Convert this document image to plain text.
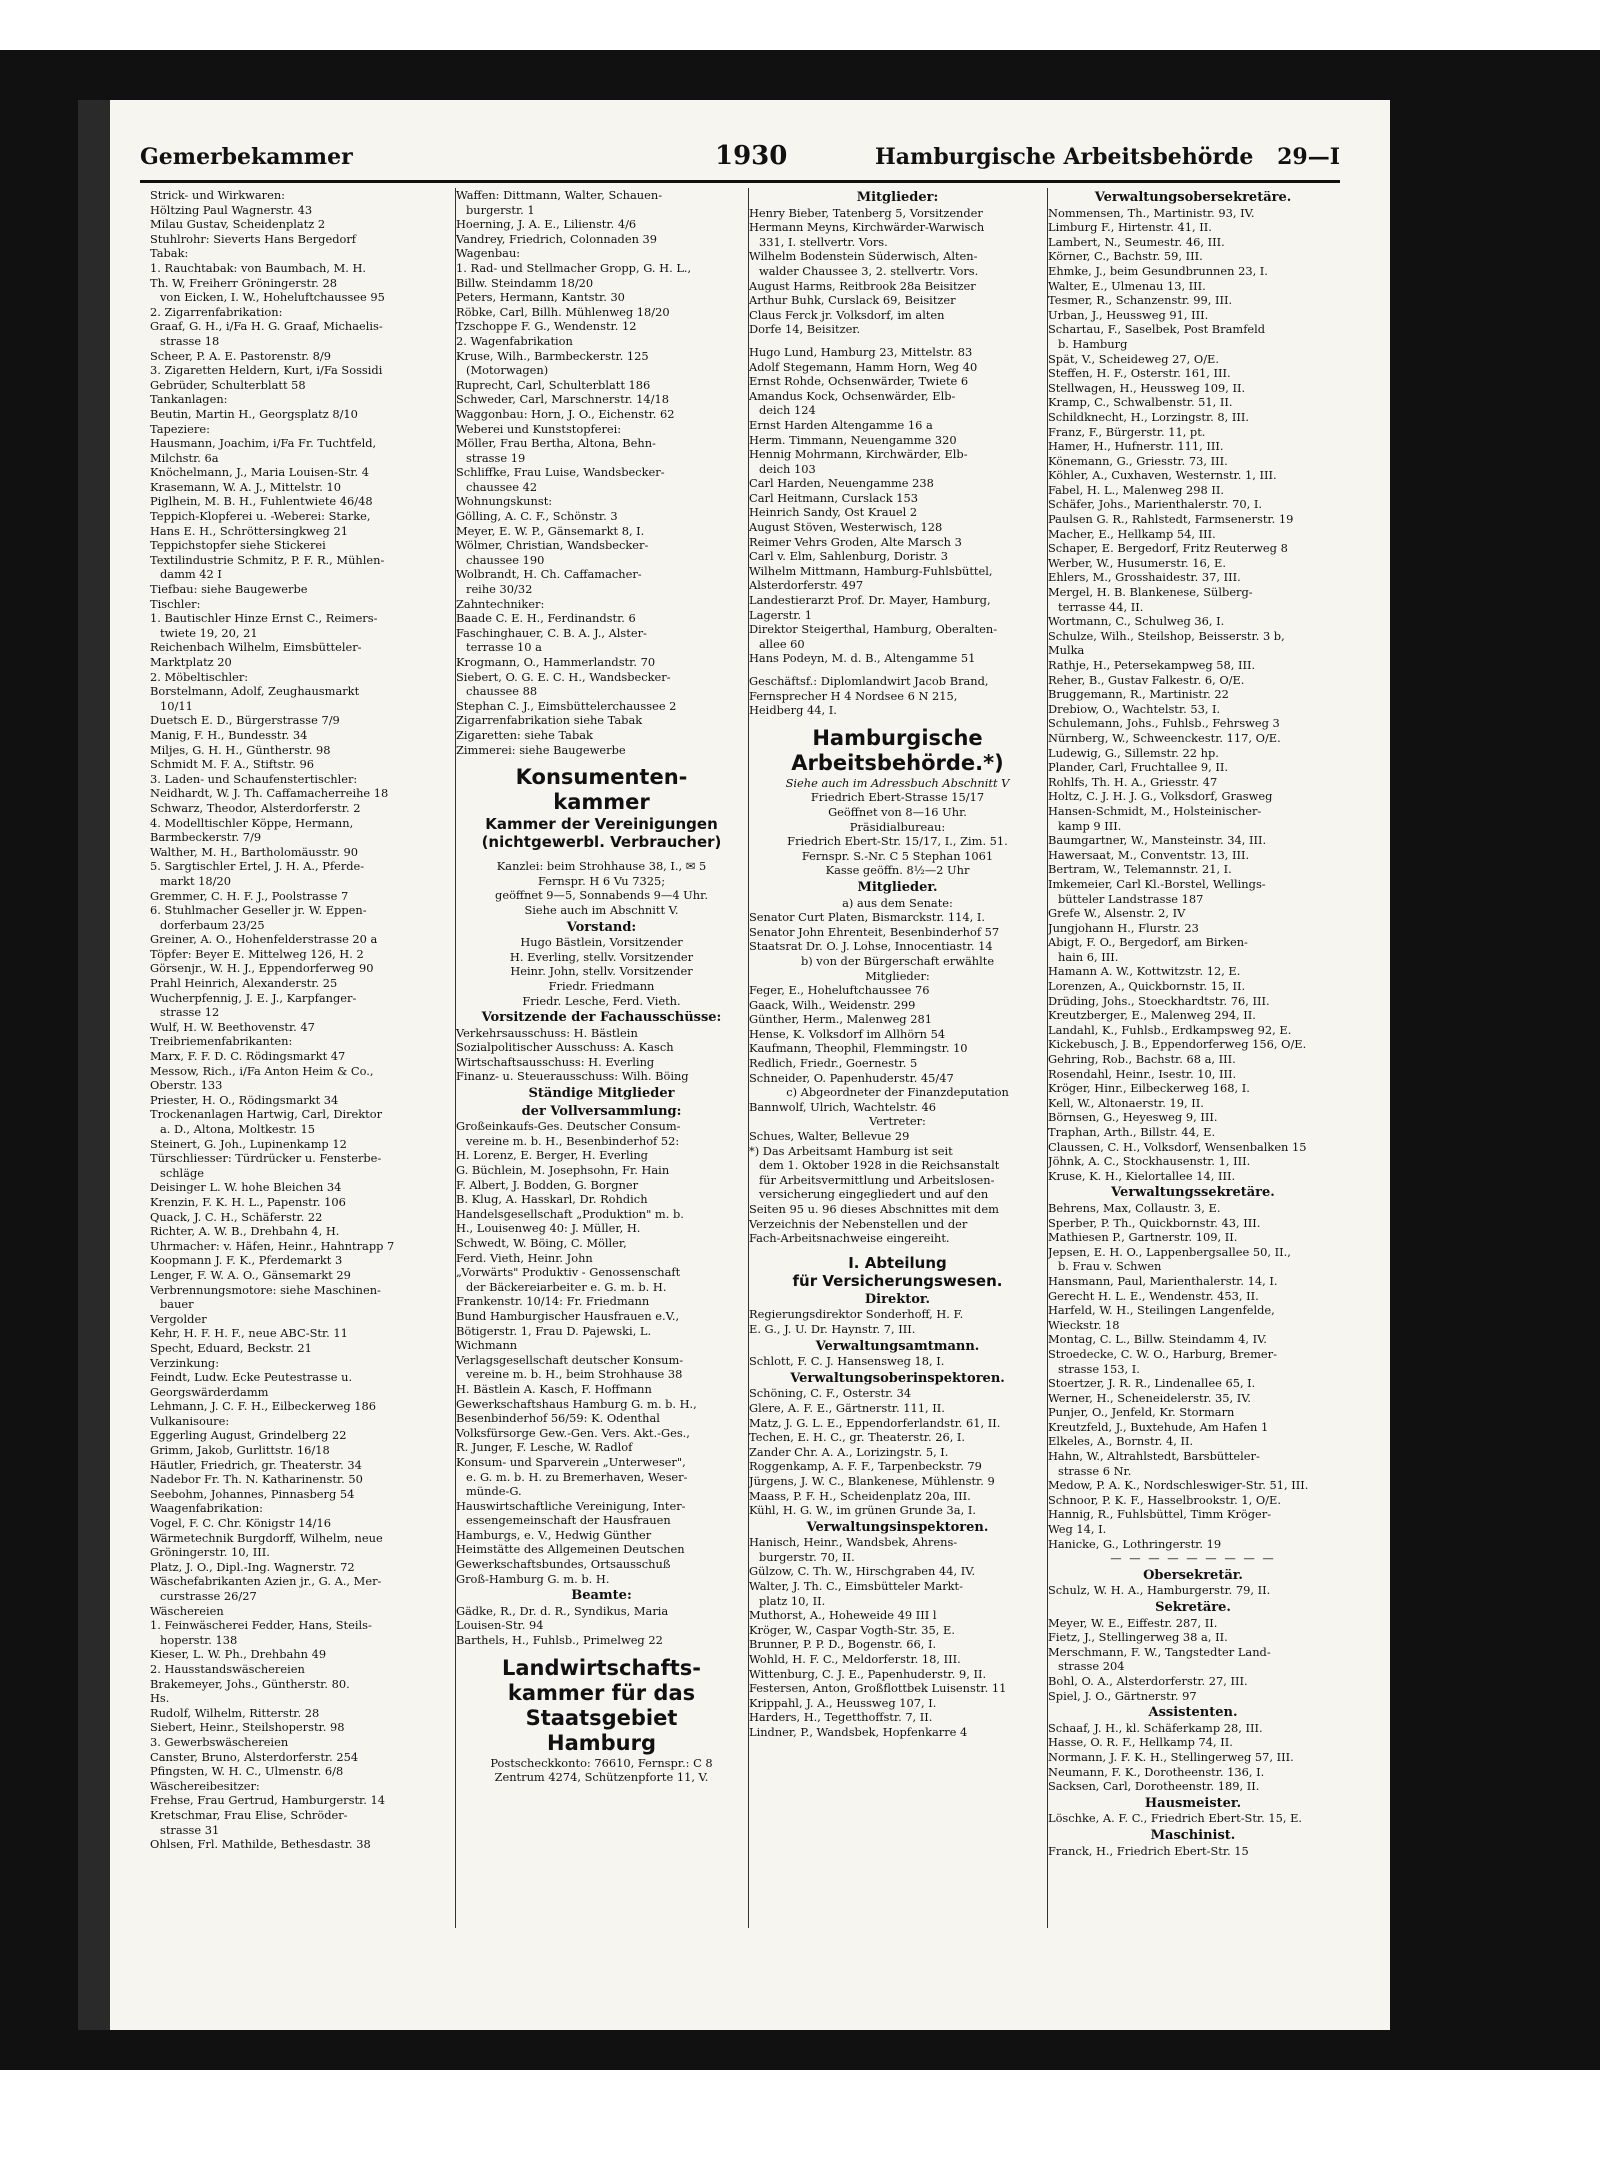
Gemerbekammer	1930	Hamburgische Arbeitsbehörde 29—I
Strick- und Wirkwaren:
Höltzing Paul Wagnerstr. 43
Milau Gustav, Scheidenplatz 2
Stuhlrohr: Sieverts Hans Bergedorf
Tabak:
1. Rauchtabak: von Baumbach, M. H.
Th. W, Freiherr Gröningerstr. 28
von Eicken, I. W., Hoheluftchaussee 95
2. Zigarrenfabrikation:
Graaf, G. H., i/Fa H. G. Graaf, Michaelis-
strasse 18
Scheer, P. A. E. Pastorenstr. 8/9
3. Zigaretten Heldern, Kurt, i/Fa Sossidi
Gebrüder, Schulterblatt 58
Tankanlagen:
Beutin, Martin H., Georgsplatz 8/10
Tapeziere:
Hausmann, Joachim, i/Fa Fr. Tuchtfeld,
Milchstr. 6a
Knöchelmann, J., Maria Louisen-Str. 4
Krasemann, W. A. J., Mittelstr. 10
Piglhein, M. B. H., Fuhlentwiete 46/48
Teppich-Klopferei u. -Weberei: Starke,
Hans E. H., Schröttersingkweg 21
Teppichstopfer siehe Stickerei
Textilindustrie Schmitz, P. F. R., Mühlen-
damm 42 I
Tiefbau: siehe Baugewerbe
Tischler:
1. Bautischler Hinze Ernst C., Reimers-
twiete 19, 20, 21
Reichenbach Wilhelm, Eimsbütteler-
Marktplatz 20
2. Möbeltischler:
Borstelmann, Adolf, Zeughausmarkt
10/11
Duetsch E. D., Bürgerstrasse 7/9
Manig, F. H., Bundesstr. 34
Miljes, G. H. H., Güntherstr. 98
Schmidt M. F. A., Stiftstr. 96
3. Laden- und Schaufenstertischler:
Neidhardt, W. J. Th. Caffamacherreihe 18
Schwarz, Theodor, Alsterdorferstr. 2
4. Modelltischler Köppe, Hermann,
Barmbeckerstr. 7/9
Walther, M. H., Bartholomäusstr. 90
5. Sargtischler Ertel, J. H. A., Pferde-
markt 18/20
Gremmer, C. H. F. J., Poolstrasse 7
6. Stuhlmacher Geseller jr. W. Eppen-
dorferbaum 23/25
Greiner, A. O., Hohenfelderstrasse 20 a
Töpfer: Beyer E. Mittelweg 126, H. 2
Görsenjr., W. H. J., Eppendorferweg 90
Prahl Heinrich, Alexanderstr. 25
Wucherpfennig, J. E. J., Karpfanger-
strasse 12
Wulf, H. W. Beethovenstr. 47
Treibriemenfabrikanten:
Marx, F. F. D. C. Rödingsmarkt 47
Messow, Rich., i/Fa Anton Heim & Co.,
Oberstr. 133
Priester, H. O., Rödingsmarkt 34
Trockenanlagen Hartwig, Carl, Direktor
a. D., Altona, Moltkestr. 15
Steinert, G. Joh., Lupinenkamp 12
Türschliesser: Türdrücker u. Fensterbe-
schläge
Deisinger L. W. hohe Bleichen 34
Krenzin, F. K. H. L., Papenstr. 106
Quack, J. C. H., Schäferstr. 22
Richter, A. W. B., Drehbahn 4, H.
Uhrmacher: v. Häfen, Heinr., Hahntrapp 7
Koopmann J. F. K., Pferdemarkt 3
Lenger, F. W. A. O., Gänsemarkt 29
Verbrennungsmotore: siehe Maschinen-
bauer
Vergolder
Kehr, H. F. H. F., neue ABC-Str. 11
Specht, Eduard, Beckstr. 21
Verzinkung:
Feindt, Ludw. Ecke Peutestrasse u.
Georgswärderdamm
Lehmann, J. C. F. H., Eilbeckerweg 186
Vulkanisoure:
Eggerling August, Grindelberg 22
Grimm, Jakob, Gurlittstr. 16/18
Häutler, Friedrich, gr. Theaterstr. 34
Nadebor Fr. Th. N. Katharinenstr. 50
Seebohm, Johannes, Pinnasberg 54
Waagenfabrikation:
Vogel, F. C. Chr. Königstr 14/16
Wärmetechnik Burgdorff, Wilhelm, neue
Gröningerstr. 10, III.
Platz, J. O., Dipl.-Ing. Wagnerstr. 72
Wäschefabrikanten Azien jr., G. A., Mer-
curstrasse 26/27
Wäschereien
1. Feinwäscherei Fedder, Hans, Steils-
hoperstr. 138
Kieser, L. W. Ph., Drehbahn 49
2. Hausstandswäschereien
Brakemeyer, Johs., Güntherstr. 80.
Hs.
Rudolf, Wilhelm, Ritterstr. 28
Siebert, Heinr., Steilshoperstr. 98
3. Gewerbswäschereien
Canster, Bruno, Alsterdorferstr. 254
Pfingsten, W. H. C., Ulmenstr. 6/8
Wäschereibesitzer:
Frehse, Frau Gertrud, Hamburgerstr. 14
Kretschmar, Frau Elise, Schröder-
strasse 31
Ohlsen, Frl. Mathilde, Bethesdastr. 38
Waffen: Dittmann, Walter, Schauen-
burgerstr. 1
Hoerning, J. A. E., Lilienstr. 4/6
Vandrey, Friedrich, Colonnaden 39
Wagenbau:
1. Rad- und Stellmacher Gropp, G. H. L.,
Billw. Steindamm 18/20
Peters, Hermann, Kantstr. 30
Röbke, Carl, Billh. Mühlenweg 18/20
Tzschoppe F. G., Wendenstr. 12
2. Wagenfabrikation
Kruse, Wilh., Barmbeckerstr. 125
(Motorwagen)
Ruprecht, Carl, Schulterblatt 186
Schweder, Carl, Marschnerstr. 14/18
Waggonbau: Horn, J. O., Eichenstr. 62
Weberei und Kunststopferei:
Möller, Frau Bertha, Altona, Behn-
strasse 19
Schliffke, Frau Luise, Wandsbecker-
chaussee 42
Wohnungskunst:
Gölling, A. C. F., Schönstr. 3
Meyer, E. W. P., Gänsemarkt 8, I.
Wölmer, Christian, Wandsbecker-
chaussee 190
Wolbrandt, H. Ch. Caffamacher-
reihe 30/32
Zahntechniker:
Baade C. E. H., Ferdinandstr. 6
Faschinghauer, C. B. A. J., Alster-
terrasse 10 a
Krogmann, O., Hammerlandstr. 70
Siebert, O. G. E. C. H., Wandsbecker-
chaussee 88
Stephan C. J., Eimsbüttelerchaussee 2
Zigarrenfabrikation siehe Tabak
Zigaretten: siehe Tabak
Zimmerei: siehe Baugewerbe
Konsumenten-
kammer
Kammer der Vereinigungen
(nichtgewerbl. Verbraucher)
Kanzlei: beim Strohhause 38, I., ✉ 5
Fernspr. H 6 Vu 7325;
geöffnet 9—5, Sonnabends 9—4 Uhr.
Siehe auch im Abschnitt V.
Vorstand:
Hugo Bästlein, Vorsitzender
H. Everling, stellv. Vorsitzender
Heinr. John, stellv. Vorsitzender
Friedr. Friedmann
Friedr. Lesche, Ferd. Vieth.
Vorsitzende der Fachausschüsse:
Verkehrsausschuss: H. Bästlein
Sozialpolitischer Ausschuss: A. Kasch
Wirtschaftsausschuss: H. Everling
Finanz- u. Steuerausschuss: Wilh. Böing
Ständige Mitglieder
der Vollversammlung:
Großeinkaufs-Ges. Deutscher Consum-
vereine m. b. H., Besenbinderhof 52:
H. Lorenz, E. Berger, H. Everling
G. Büchlein, M. Josephsohn, Fr. Hain
F. Albert, J. Bodden, G. Borgner
B. Klug, A. Hasskarl, Dr. Rohdich
Handelsgesellschaft „Produktion" m. b.
H., Louisenweg 40: J. Müller, H.
Schwedt, W. Böing, C. Möller,
Ferd. Vieth, Heinr. John
„Vorwärts" Produktiv - Genossenschaft
der Bäckereiarbeiter e. G. m. b. H.
Frankenstr. 10/14: Fr. Friedmann
Bund Hamburgischer Hausfrauen e.V.,
Bötigerstr. 1, Frau D. Pajewski, L.
Wichmann
Verlagsgesellschaft deutscher Konsum-
vereine m. b. H., beim Strohhause 38
H. Bästlein A. Kasch, F. Hoffmann
Gewerkschaftshaus Hamburg G. m. b. H.,
Besenbinderhof 56/59: K. Odenthal
Volksfürsorge Gew.-Gen. Vers. Akt.-Ges.,
R. Junger, F. Lesche, W. Radlof
Konsum- und Sparverein „Unterweser",
e. G. m. b. H. zu Bremerhaven, Weser-
münde-G.
Hauswirtschaftliche Vereinigung, Inter-
essengemeinschaft der Hausfrauen
Hamburgs, e. V., Hedwig Günther
Heimstätte des Allgemeinen Deutschen
Gewerkschaftsbundes, Ortsausschuß
Groß-Hamburg G. m. b. H.
Beamte:
Gädke, R., Dr. d. R., Syndikus, Maria
Louisen-Str. 94
Barthels, H., Fuhlsb., Primelweg 22
Landwirtschafts-
kammer für das
Staatsgebiet
Hamburg
Postscheckkonto: 76610, Fernspr.: C 8
Zentrum 4274, Schützenpforte 11, V.
Mitglieder:
Henry Bieber, Tatenberg 5, Vorsitzender
Hermann Meyns, Kirchwärder-Warwisch
331, I. stellvertr. Vors.
Wilhelm Bodenstein Süderwisch, Alten-
walder Chaussee 3, 2. stellvertr. Vors.
August Harms, Reitbrook 28a Beisitzer
Arthur Buhk, Curslack 69, Beisitzer
Claus Ferck jr. Volksdorf, im alten
Dorfe 14, Beisitzer.
Hugo Lund, Hamburg 23, Mittelstr. 83
Adolf Stegemann, Hamm Horn, Weg 40
Ernst Rohde, Ochsenwärder, Twiete 6
Amandus Kock, Ochsenwärder, Elb-
deich 124
Ernst Harden Altengamme 16 a
Herm. Timmann, Neuengamme 320
Hennig Mohrmann, Kirchwärder, Elb-
deich 103
Carl Harden, Neuengamme 238
Carl Heitmann, Curslack 153
Heinrich Sandy, Ost Krauel 2
August Stöven, Westerwisch, 128
Reimer Vehrs Groden, Alte Marsch 3
Carl v. Elm, Sahlenburg, Doristr. 3
Wilhelm Mittmann, Hamburg-Fuhlsbüttel,
Alsterdorferstr. 497
Landestierarzt Prof. Dr. Mayer, Hamburg,
Lagerstr. 1
Direktor Steigerthal, Hamburg, Oberalten-
allee 60
Hans Podeyn, M. d. B., Altengamme 51
Geschäftsf.: Diplomlandwirt Jacob Brand,
Fernsprecher H 4 Nordsee 6 N 215,
Heidberg 44, I.
Hamburgische
Arbeitsbehörde.*)
Siehe auch im Adressbuch Abschnitt V
Friedrich Ebert-Strasse 15/17
Geöffnet von 8—16 Uhr.
Präsidialbureau:
Friedrich Ebert-Str. 15/17, I., Zim. 51.
Fernspr. S.-Nr. C 5 Stephan 1061
Kasse geöffn. 8½—2 Uhr
Mitglieder.
a) aus dem Senate:
Senator Curt Platen, Bismarckstr. 114, I.
Senator John Ehrenteit, Besenbinderhof 57
Staatsrat Dr. O. J. Lohse, Innocentiastr. 14
b) von der Bürgerschaft erwählte
Mitglieder:
Feger, E., Hoheluftchaussee 76
Gaack, Wilh., Weidenstr. 299
Günther, Herm., Malenweg 281
Hense, K. Volksdorf im Allhörn 54
Kaufmann, Theophil, Flemmingstr. 10
Redlich, Friedr., Goernestr. 5
Schneider, O. Papenhuderstr. 45/47
c) Abgeordneter der Finanzdeputation
Bannwolf, Ulrich, Wachtelstr. 46
Vertreter:
Schues, Walter, Bellevue 29
*) Das Arbeitsamt Hamburg ist seit
dem 1. Oktober 1928 in die Reichsanstalt
für Arbeitsvermittlung und Arbeitslosen-
versicherung eingegliedert und auf den
Seiten 95 u. 96 dieses Abschnittes mit dem
Verzeichnis der Nebenstellen und der
Fach-Arbeitsnachweise eingereiht.
I. Abteilung
für Versicherungswesen.
Direktor.
Regierungsdirektor Sonderhoff, H. F.
E. G., J. U. Dr. Haynstr. 7, III.
Verwaltungsamtmann.
Schlott, F. C. J. Hansensweg 18, I.
Verwaltungsoberinspektoren.
Schöning, C. F., Osterstr. 34
Glere, A. F. E., Gärtnerstr. 111, II.
Matz, J. G. L. E., Eppendorferlandstr. 61, II.
Techen, E. H. C., gr. Theaterstr. 26, I.
Zander Chr. A. A., Lorizingstr. 5, I.
Roggenkamp, A. F. F., Tarpenbeckstr. 79
Jürgens, J. W. C., Blankenese, Mühlenstr. 9
Maass, P. F. H., Scheidenplatz 20a, III.
Kühl, H. G. W., im grünen Grunde 3a, I.
Verwaltungsinspektoren.
Hanisch, Heinr., Wandsbek, Ahrens-
burgerstr. 70, II.
Gülzow, C. Th. W., Hirschgraben 44, IV.
Walter, J. Th. C., Eimsbütteler Markt-
platz 10, II.
Muthorst, A., Hoheweide 49 III l
Kröger, W., Caspar Vogth-Str. 35, E.
Brunner, P. P. D., Bogenstr. 66, I.
Wohld, H. F. C., Meldorferstr. 18, III.
Wittenburg, C. J. E., Papenhuderstr. 9, II.
Festersen, Anton, Großflottbek Luisenstr. 11
Krippahl, J. A., Heussweg 107, I.
Harders, H., Tegetthoffstr. 7, II.
Lindner, P., Wandsbek, Hopfenkarre 4
Verwaltungsobersekretäre.
Nommensen, Th., Martinistr. 93, IV.
Limburg F., Hirtenstr. 41, II.
Lambert, N., Seumestr. 46, III.
Körner, C., Bachstr. 59, III.
Ehmke, J., beim Gesundbrunnen 23, I.
Walter, E., Ulmenau 13, III.
Tesmer, R., Schanzenstr. 99, III.
Urban, J., Heussweg 91, III.
Schartau, F., Saselbek, Post Bramfeld
b. Hamburg
Spät, V., Scheideweg 27, O/E.
Steffen, H. F., Osterstr. 161, III.
Stellwagen, H., Heussweg 109, II.
Kramp, C., Schwalbenstr. 51, II.
Schildknecht, H., Lorzingstr. 8, III.
Franz, F., Bürgerstr. 11, pt.
Hamer, H., Hufnerstr. 111, III.
Könemann, G., Griesstr. 73, III.
Köhler, A., Cuxhaven, Westernstr. 1, III.
Fabel, H. L., Malenweg 298 II.
Schäfer, Johs., Marienthalerstr. 70, I.
Paulsen G. R., Rahlstedt, Farmsenerstr. 19
Macher, E., Hellkamp 54, III.
Schaper, E. Bergedorf, Fritz Reuterweg 8
Werber, W., Husumerstr. 16, E.
Ehlers, M., Grosshaidestr. 37, III.
Mergel, H. B. Blankenese, Sülberg-
terrasse 44, II.
Wortmann, C., Schulweg 36, I.
Schulze, Wilh., Steilshop, Beisserstr. 3 b,
Mulka
Rathje, H., Petersekampweg 58, III.
Reher, B., Gustav Falkestr. 6, O/E.
Bruggemann, R., Martinistr. 22
Drebiow, O., Wachtelstr. 53, I.
Schulemann, Johs., Fuhlsb., Fehrsweg 3
Nürnberg, W., Schweenckestr. 117, O/E.
Ludewig, G., Sillemstr. 22 hp.
Plander, Carl, Fruchtallee 9, II.
Rohlfs, Th. H. A., Griesstr. 47
Holtz, C. J. H. J. G., Volksdorf, Grasweg
Hansen-Schmidt, M., Holsteinischer-
kamp 9 III.
Baumgartner, W., Mansteinstr. 34, III.
Hawersaat, M., Conventstr. 13, III.
Bertram, W., Telemannstr. 21, I.
Imkemeier, Carl Kl.-Borstel, Wellings-
bütteler Landstrasse 187
Grefe W., Alsenstr. 2, IV
Jungjohann H., Flurstr. 23
Abigt, F. O., Bergedorf, am Birken-
hain 6, III.
Hamann A. W., Kottwitzstr. 12, E.
Lorenzen, A., Quickbornstr. 15, II.
Drüding, Johs., Stoeckhardtstr. 76, III.
Kreutzberger, E., Malenweg 294, II.
Landahl, K., Fuhlsb., Erdkampsweg 92, E.
Kickebusch, J. B., Eppendorferweg 156, O/E.
Gehring, Rob., Bachstr. 68 a, III.
Rosendahl, Heinr., Isestr. 10, III.
Kröger, Hinr., Eilbeckerweg 168, I.
Kell, W., Altonaerstr. 19, II.
Börnsen, G., Heyesweg 9, III.
Traphan, Arth., Billstr. 44, E.
Claussen, C. H., Volksdorf, Wensenbalken 15
Jöhnk, A. C., Stockhausenstr. 1, III.
Kruse, K. H., Kielortallee 14, III.
Verwaltungssekretäre.
Behrens, Max, Collaustr. 3, E.
Sperber, P. Th., Quickbornstr. 43, III.
Mathiesen P., Gartnerstr. 109, II.
Jepsen, E. H. O., Lappenbergsallee 50, II.,
b. Frau v. Schwen
Hansmann, Paul, Marienthalerstr. 14, I.
Gerecht H. L. E., Wendenstr. 453, II.
Harfeld, W. H., Steilingen Langenfelde,
Wieckstr. 18
Montag, C. L., Billw. Steindamm 4, IV.
Stroedecke, C. W. O., Harburg, Bremer-
strasse 153, I.
Stoertzer, J. R. R., Lindenallee 65, I.
Werner, H., Scheneidelerstr. 35, IV.
Punjer, O., Jenfeld, Kr. Stormarn
Kreutzfeld, J., Buxtehude, Am Hafen 1
Elkeles, A., Bornstr. 4, II.
Hahn, W., Altrahlstedt, Barsbütteler-
strasse 6 Nr.
Medow, P. A. K., Nordschleswiger-Str. 51, III.
Schnoor, P. K. F., Hasselbrookstr. 1, O/E.
Hannig, R., Fuhlsbüttel, Timm Kröger-
Weg 14, I.
Hanicke, G., Lothringerstr. 19
— — — — — — — — —
Obersekretär.
Schulz, W. H. A., Hamburgerstr. 79, II.
Sekretäre.
Meyer, W. E., Eiffestr. 287, II.
Fietz, J., Stellingerweg 38 a, II.
Merschmann, F. W., Tangstedter Land-
strasse 204
Bohl, O. A., Alsterdorferstr. 27, III.
Spiel, J. O., Gärtnerstr. 97
Assistenten.
Schaaf, J. H., kl. Schäferkamp 28, III.
Hasse, O. R. F., Hellkamp 74, II.
Normann, J. F. K. H., Stellingerweg 57, III.
Neumann, F. K., Dorotheenstr. 136, I.
Sacksen, Carl, Dorotheenstr. 189, II.
Hausmeister.
Löschke, A. F. C., Friedrich Ebert-Str. 15, E.
Maschinist.
Franck, H., Friedrich Ebert-Str. 15
